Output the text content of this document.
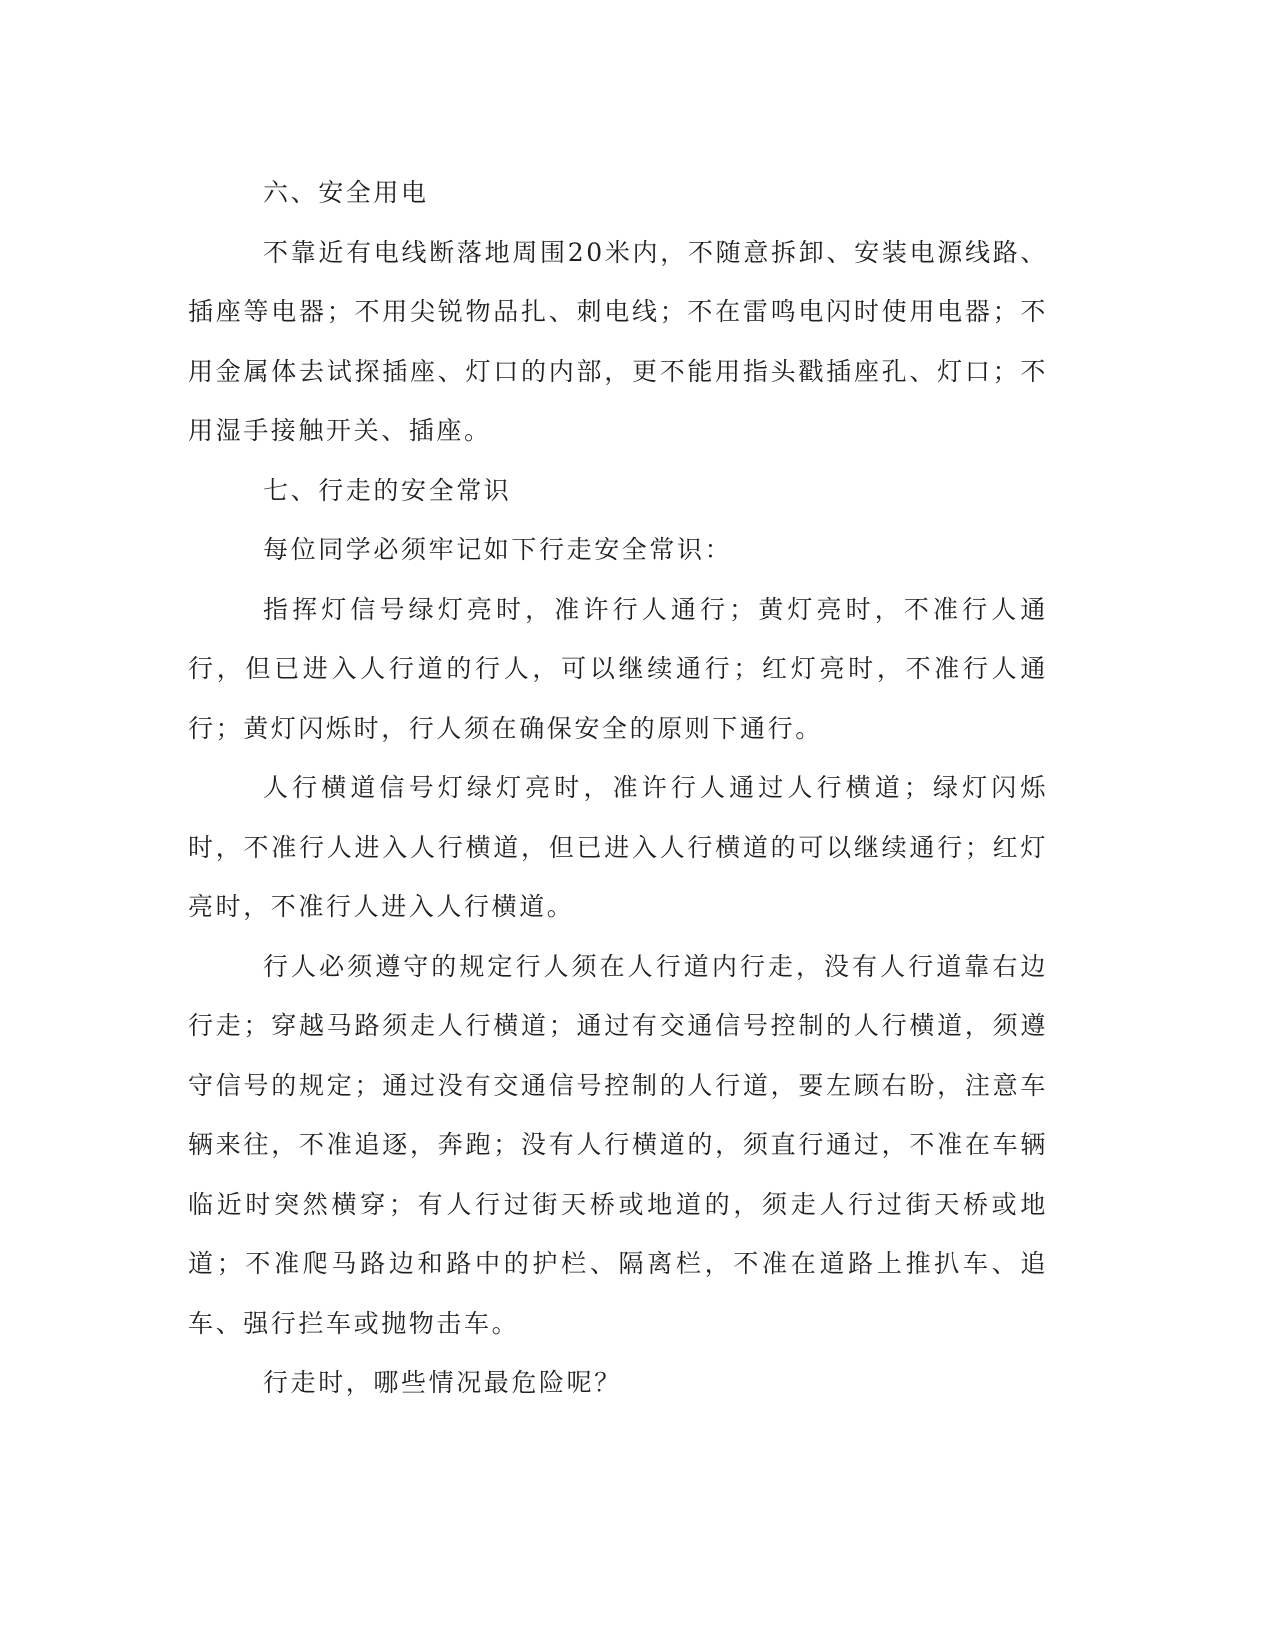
六、安全用电

不靠近有电线断落地周围20米内，不随意拆卸、安装电源线路、插座等电器；不用尖锐物品扎、刺电线；不在雷鸣电闪时使用电器；不用金属体去试探插座、灯口的内部，更不能用指头戳插座孔、灯口；不用湿手接触开关、插座。

七、行走的安全常识

每位同学必须牢记如下行走安全常识：

指挥灯信号绿灯亮时，准许行人通行；黄灯亮时，不准行人通行，但已进入人行道的行人，可以继续通行；红灯亮时，不准行人通行；黄灯闪烁时，行人须在确保安全的原则下通行。

人行横道信号灯绿灯亮时，准许行人通过人行横道；绿灯闪烁时，不准行人进入人行横道，但已进入人行横道的可以继续通行；红灯亮时，不准行人进入人行横道。

行人必须遵守的规定行人须在人行道内行走，没有人行道靠右边行走；穿越马路须走人行横道；通过有交通信号控制的人行横道，须遵守信号的规定；通过没有交通信号控制的人行道，要左顾右盼，注意车辆来往，不准追逐，奔跑；没有人行横道的，须直行通过，不准在车辆临近时突然横穿；有人行过街天桥或地道的，须走人行过街天桥或地道；不准爬马路边和路中的护栏、隔离栏，不准在道路上推扒车、追车、强行拦车或抛物击车。

行走时，哪些情况最危险呢？
